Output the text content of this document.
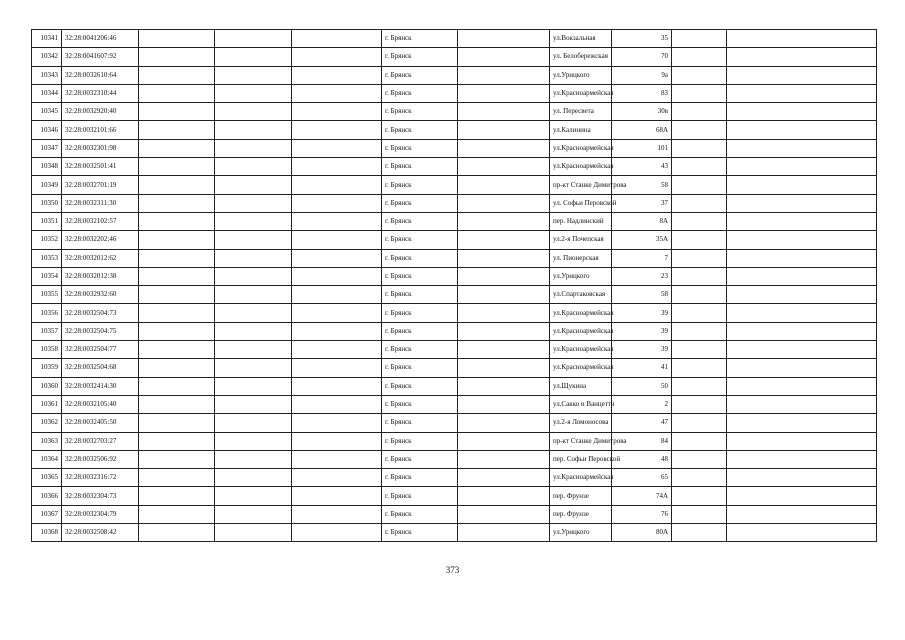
10341	32:28:0041206:46				г. Брянск		ул.Вокзальная	35		
10342	32:28:0041607:92				г. Брянск		ул. Белобережская	70		
10343	32:28:0032610:64				г. Брянск		ул.Урицкого	9а		
10344	32:28:0032310:44				г. Брянск		ул.Красноармейская	83		
10345	32:28:0032920:40				г. Брянск		ул. Пересвета	30в		
10346	32:28:0032101:66				г. Брянск		ул.Калинина	68А		
10347	32:28:0032301:98				г. Брянск		ул.Красноармейская	101		
10348	32:28:0032501:41				г. Брянск		ул.Красноармейская	43		
10349	32:28:0032701:19				г. Брянск		пр-кт Станке Димитрова	58		
10350	32:28:0032311:30				г. Брянск		ул. Софьи Перовской	37		
10351	32:28:0032102:57				г. Брянск		пер. Надлинский	8А		
10352	32:28:0032202:46				г. Брянск		ул.2-я Почепская	35А		
10353	32:28:0032012:62				г. Брянск		ул. Пионерская	7		
10354	32:28:0032012:38				г. Брянск		ул.Урицкого	23		
10355	32:28:0032932:60				г. Брянск		ул.Спартаковская	58		
10356	32:28:0032504:73				г. Брянск		ул.Красноармейская	39		
10357	32:28:0032504:75				г. Брянск		ул.Красноармейская	39		
10358	32:28:0032504:77				г. Брянск		ул.Красноармейская	39		
10359	32:28:0032504:68				г. Брянск		ул.Красноармейская	41		
10360	32:28:0032414:30				г. Брянск		ул.Щукина	50		
10361	32:28:0032105:40				г. Брянск		ул.Сакко и Ванцетти	2		
10362	32:28:0032405:50				г. Брянск		ул.2-я Ломоносова	47		
10363	32:28:0032703:27				г. Брянск		пр-кт Станке Димитрова	84		
10364	32:28:0032506:92				г. Брянск		пер. Софьи Перовской	48		
10365	32:28:0032316:72				г. Брянск		ул.Красноармейская	65		
10366	32:28:0032304:73				г. Брянск		пер. Фрунзе	74А		
10367	32:28:0032304:79				г. Брянск		пер. Фрунзе	76		
10368	32:28:0032508:42				г. Брянск		ул.Урицкого	80А		
373
